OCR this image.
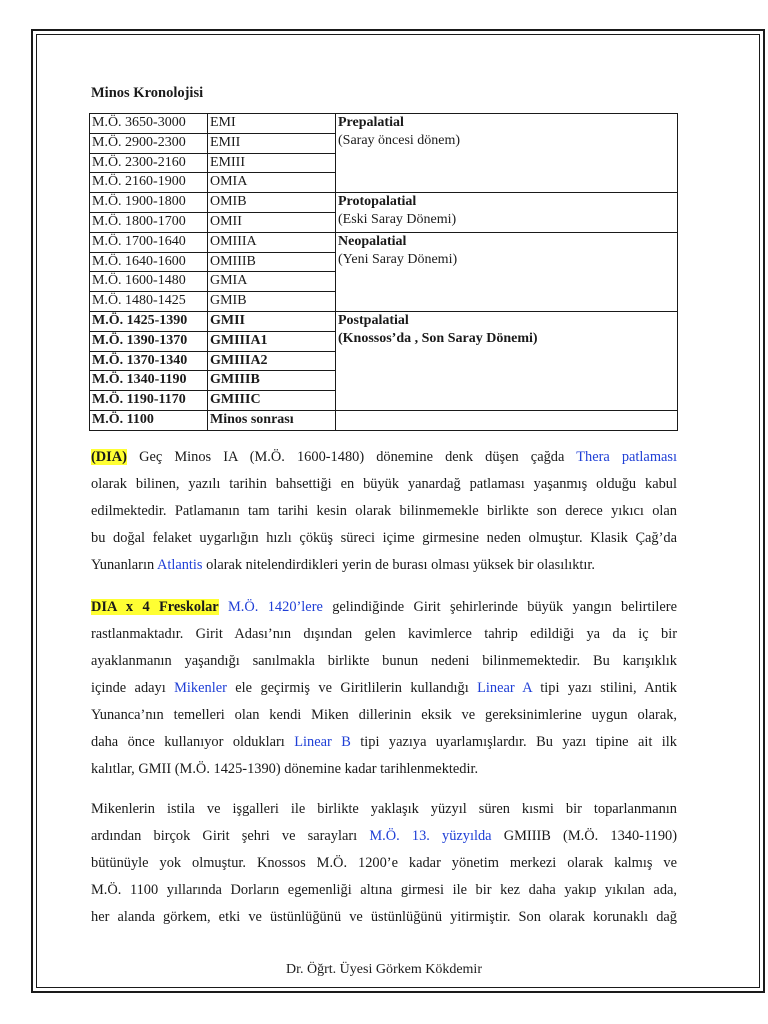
Minos Kronolojisi
M.Ö. 3650-3000	EMI	Prepalatial
(Saray öncesi dönem)

M.Ö. 2900-2300	EMII	
M.Ö. 2300-2160	EMIII	
M.Ö. 2160-1900	OMIA	
M.Ö. 1900-1800	OMIB	Protopalatial
(Eski Saray Dönemi)

M.Ö. 1800-1700	OMII	
M.Ö. 1700-1640	OMIIIA	Neopalatial
(Yeni Saray Dönemi)

M.Ö. 1640-1600	OMIIIB	
M.Ö. 1600-1480	GMIA	
M.Ö. 1480-1425	GMIB	
M.Ö. 1425-1390	GMII	Postpalatial
(Knossos’da , Son Saray Dönemi)

M.Ö. 1390-1370	GMIIIA1	
M.Ö. 1370-1340	GMIIIA2	
M.Ö. 1340-1190	GMIIIB	
M.Ö. 1190-1170	GMIIIC	
M.Ö. 1100	Minos sonrası	
(DIA) Geç Minos IA (M.Ö. 1600-1480) dönemine denk düşen çağda Thera patlaması
olarak bilinen, yazılı tarihin bahsettiği en büyük yanardağ patlaması yaşanmış olduğu kabul
edilmektedir. Patlamanın tam tarihi kesin olarak bilinmemekle birlikte son derece yıkıcı olan
bu doğal felaket uygarlığın hızlı çöküş süreci içime girmesine neden olmuştur. Klasik Çağ’da
Yunanların Atlantis olarak nitelendirdikleri yerin de burası olması yüksek bir olasılıktır.
DIA x 4 Freskolar M.Ö. 1420’lere gelindiğinde Girit şehirlerinde büyük yangın belirtilere
rastlanmaktadır. Girit Adası’nın dışından gelen kavimlerce tahrip edildiği ya da iç bir
ayaklanmanın yaşandığı sanılmakla birlikte bunun nedeni bilinmemektedir. Bu karışıklık
içinde adayı Mikenler ele geçirmiş ve Giritlilerin kullandığı Linear A tipi yazı stilini, Antik
Yunanca’nın temelleri olan kendi Miken dillerinin eksik ve gereksinimlerine uygun olarak,
daha önce kullanıyor oldukları Linear B tipi yazıya uyarlamışlardır. Bu yazı tipine ait ilk
kalıtlar, GMII (M.Ö. 1425-1390) dönemine kadar tarihlenmektedir.
Mikenlerin istila ve işgalleri ile birlikte yaklaşık yüzyıl süren kısmi bir toparlanmanın
ardından birçok Girit şehri ve sarayları M.Ö. 13. yüzyılda GMIIIB (M.Ö. 1340-1190)
bütünüyle yok olmuştur. Knossos M.Ö. 1200’e kadar yönetim merkezi olarak kalmış ve
M.Ö. 1100 yıllarında Dorların egemenliği altına girmesi ile bir kez daha yakıp yıkılan ada,
her alanda görkem, etki ve üstünlüğünü ve üstünlüğünü yitirmiştir. Son olarak korunaklı dağ
Dr. Öğrt. Üyesi Görkem Kökdemir
